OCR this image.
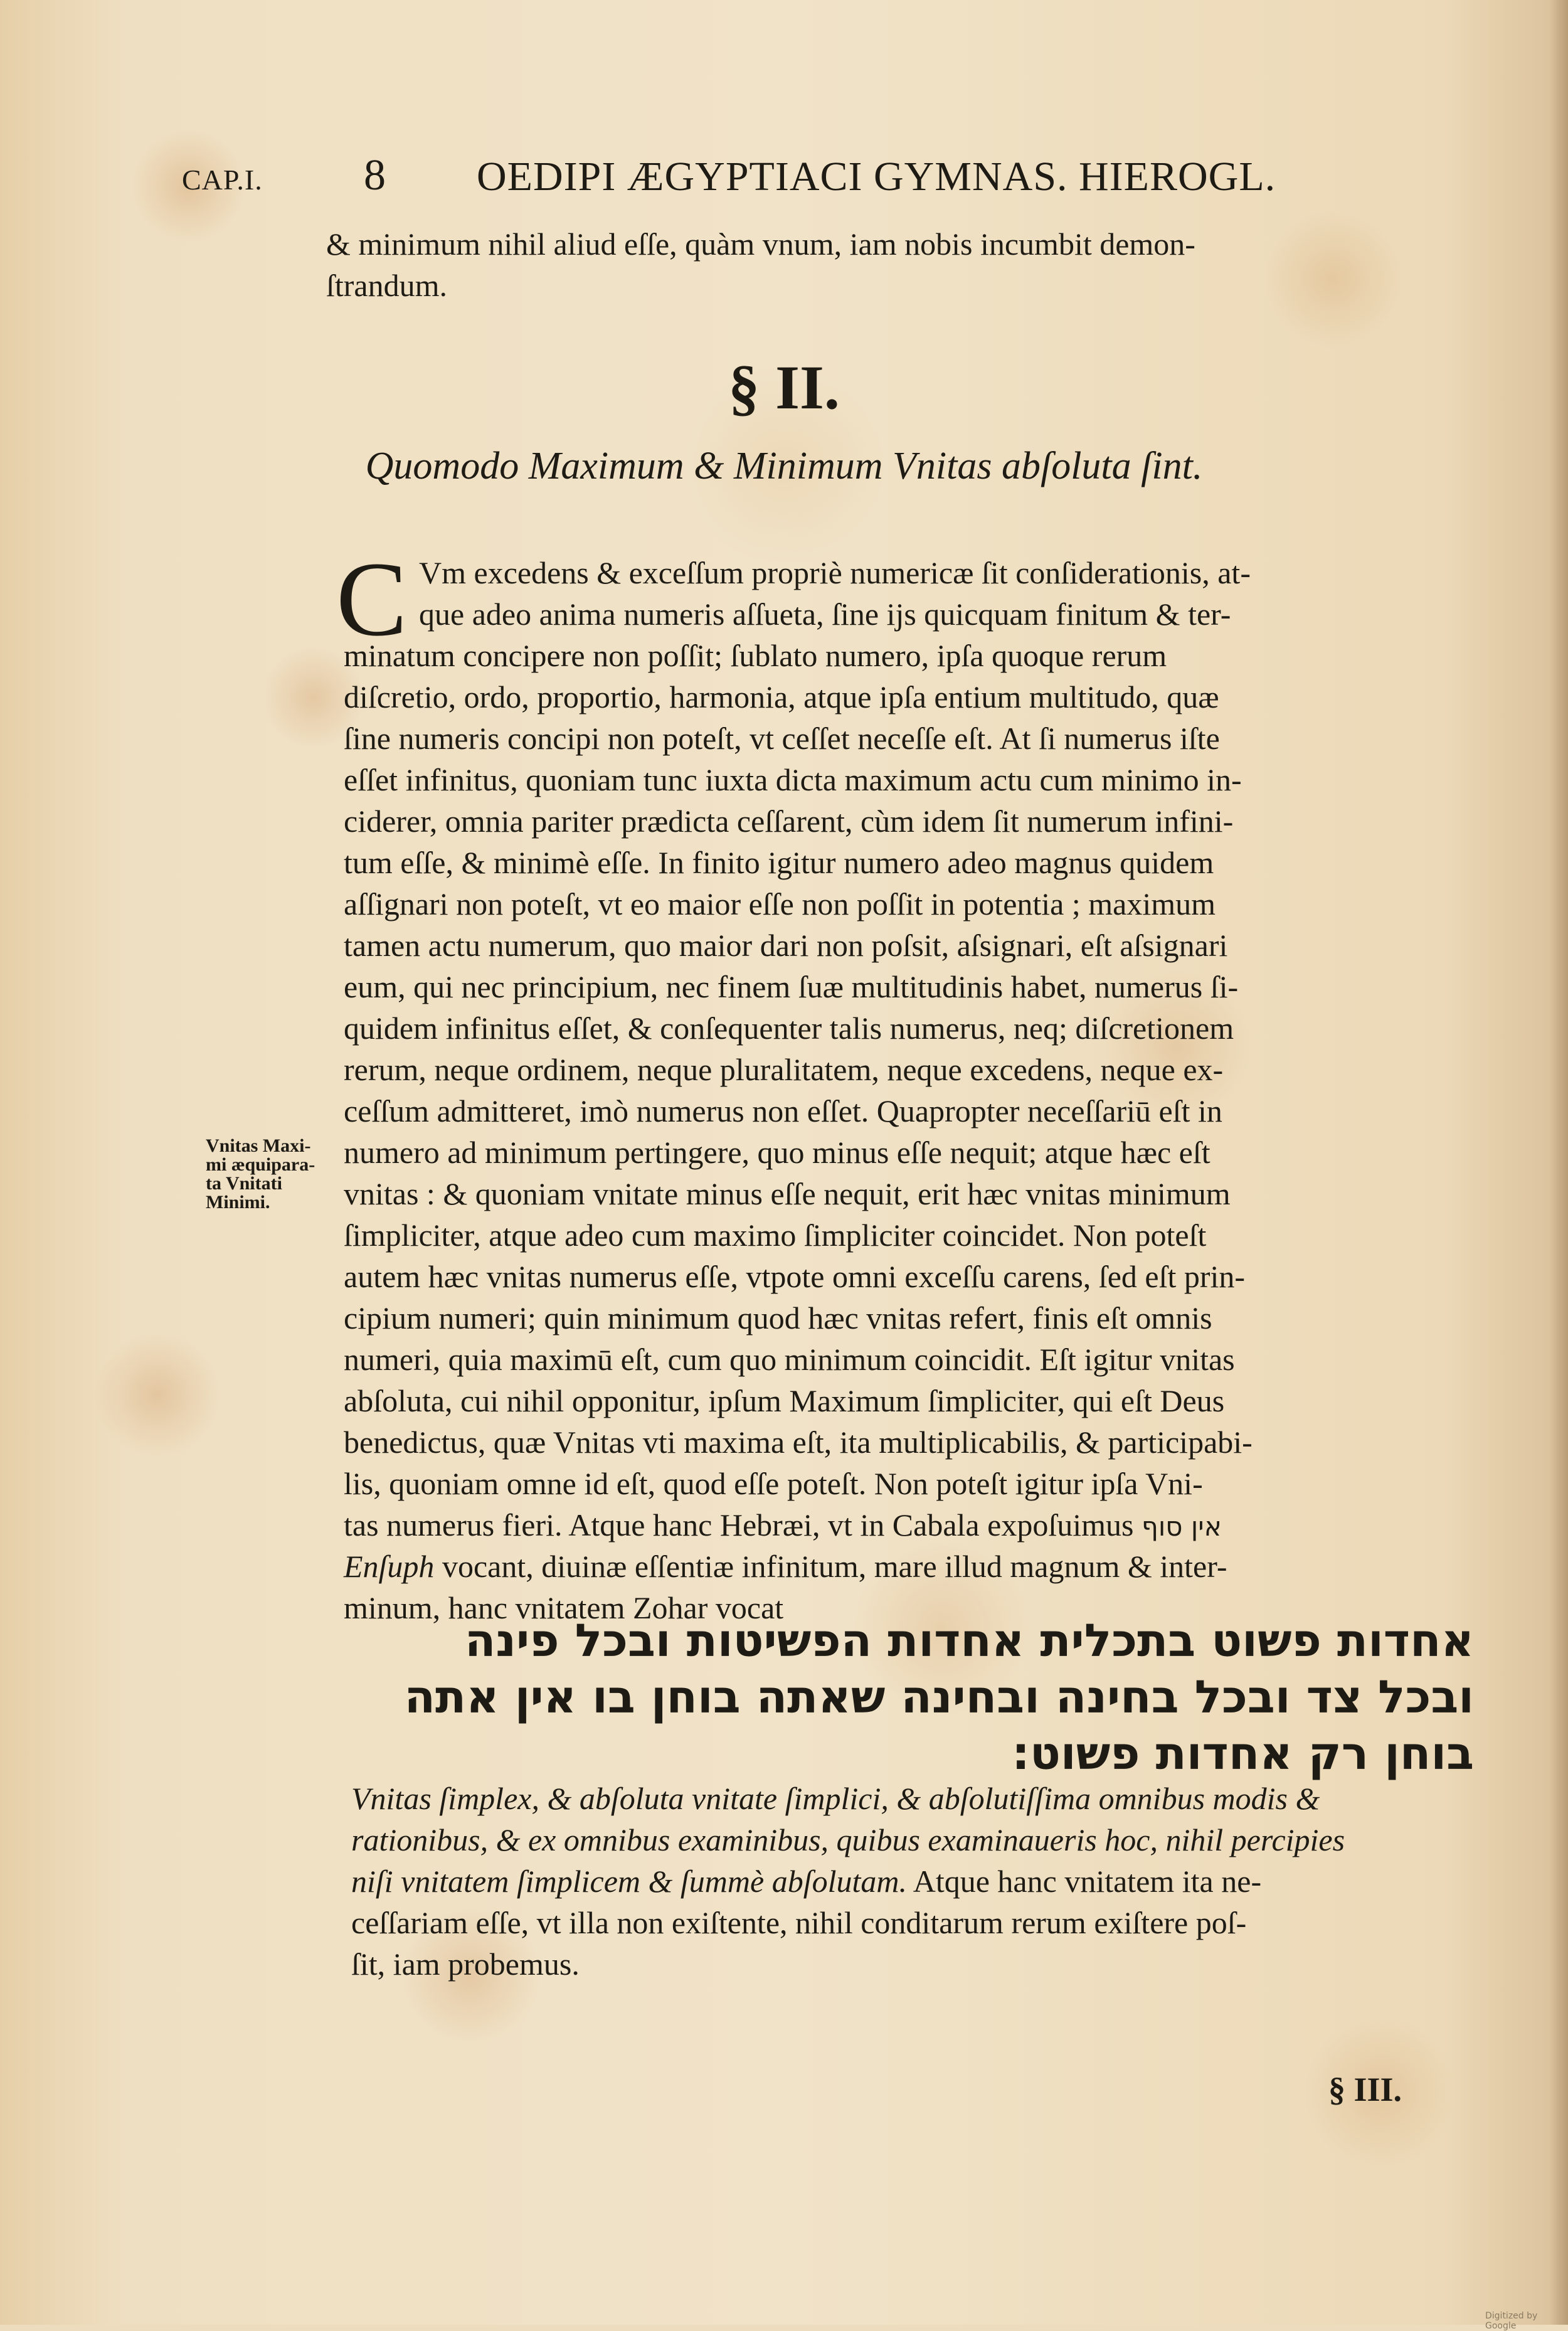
CAP.I. 8 OEDIPI ÆGYPTIACI GYMNAS. HIEROGL.
& minimum nihil aliud eſſe, quàm vnum, iam nobis incumbit demon-
ſtrandum.
§ II.
Quomodo Maximum & Minimum Vnitas abſoluta ſint.
C Vm excedens & exceſſum propriè numericæ ſit conſiderationis, at-
que adeo anima numeris aſſueta, ſine ijs quicquam finitum & ter-
minatum concipere non poſſit; ſublato numero, ipſa quoque rerum
diſcretio, ordo, proportio, harmonia, atque ipſa entium multitudo, quæ
ſine numeris concipi non poteſt, vt ceſſet neceſſe eſt. At ſi numerus iſte
eſſet infinitus, quoniam tunc iuxta dicta maximum actu cum minimo in-
ciderer, omnia pariter prædicta ceſſarent, cùm idem ſit numerum infini-
tum eſſe, & minimè eſſe. In finito igitur numero adeo magnus quidem
aſſignari non poteſt, vt eo maior eſſe non poſſit in potentia ; maximum
tamen actu numerum, quo maior dari non poſsit, aſsignari, eſt aſsignari
eum, qui nec principium, nec finem ſuæ multitudinis habet, numerus ſi-
quidem infinitus eſſet, & conſequenter talis numerus, neq; diſcretionem
rerum, neque ordinem, neque pluralitatem, neque excedens, neque ex-
ceſſum admitteret, imò numerus non eſſet. Quapropter neceſſariū eſt in
numero ad minimum pertingere, quo minus eſſe nequit; atque hæc eſt
vnitas : & quoniam vnitate minus eſſe nequit, erit hæc vnitas minimum
ſimpliciter, atque adeo cum maximo ſimpliciter coincidet. Non poteſt
autem hæc vnitas numerus eſſe, vtpote omni exceſſu carens, ſed eſt prin-
cipium numeri; quin minimum quod hæc vnitas refert, finis eſt omnis
numeri, quia maximū eſt, cum quo minimum coincidit. Eſt igitur vnitas
abſoluta, cui nihil opponitur, ipſum Maximum ſimpliciter, qui eſt Deus
benedictus, quæ Vnitas vti maxima eſt, ita multiplicabilis, & participabi-
lis, quoniam omne id eſt, quod eſſe poteſt. Non poteſt igitur ipſa Vni-
tas numerus fieri. Atque hanc Hebræi, vt in Cabala expoſuimus אין סוף
Enſuph vocant, diuinæ eſſentiæ infinitum, mare illud magnum & inter-
minum, hanc vnitatem Zohar vocat
Vnitas Maxi-
mi æquipara-
ta Vnitati
Minimi.
אחדות פשוט בתכלית אחדות הפשיטות ובכל פינה
ובכל צד ובכל בחינה ובחינה שאתה בוחן בו אין אתה
בוחן רק אחדות פשוט:
Vnitas ſimplex, & abſoluta vnitate ſimplici, & abſolutiſſima omnibus modis &
rationibus, & ex omnibus examinibus, quibus examinaueris hoc, nihil percipies
niſi vnitatem ſimplicem & ſummè abſolutam. Atque hanc vnitatem ita ne-
ceſſariam eſſe, vt illa non exiſtente, nihil conditarum rerum exiſtere poſ-
ſit, iam probemus.
§ III.
Digitized by Google
